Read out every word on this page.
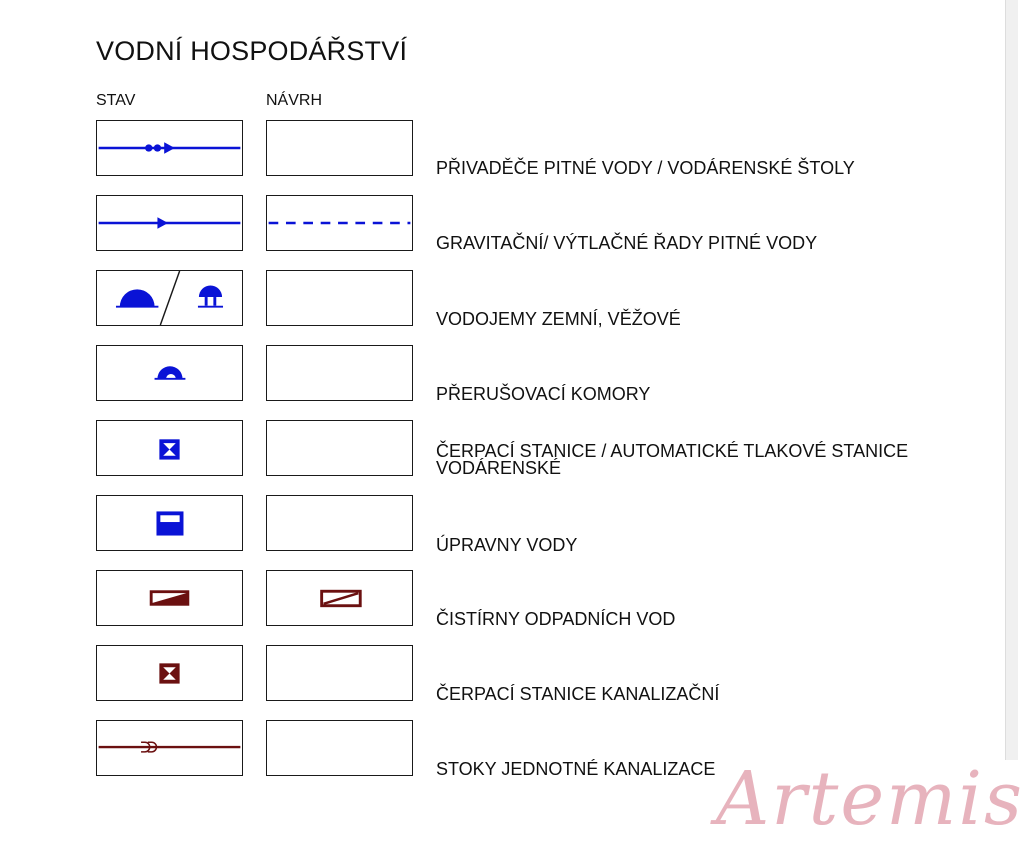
VODNÍ HOSPODÁŘSTVÍ
STAV	NÁVRH
PŘIVADĚČE PITNÉ VODY / VODÁRENSKÉ ŠTOLY
GRAVITAČNÍ/ VÝTLAČNÉ ŘADY PITNÉ VODY
VODOJEMY ZEMNÍ, VĚŽOVÉ
PŘERUŠOVACÍ KOMORY
ČERPACÍ STANICE / AUTOMATICKÉ TLAKOVÉ STANICE
VODÁRENSKÉ
ÚPRAVNY VODY
ČISTÍRNY ODPADNÍCH VOD
ČERPACÍ STANICE KANALIZAČNÍ
STOKY JEDNOTNÉ KANALIZACE Artemis
